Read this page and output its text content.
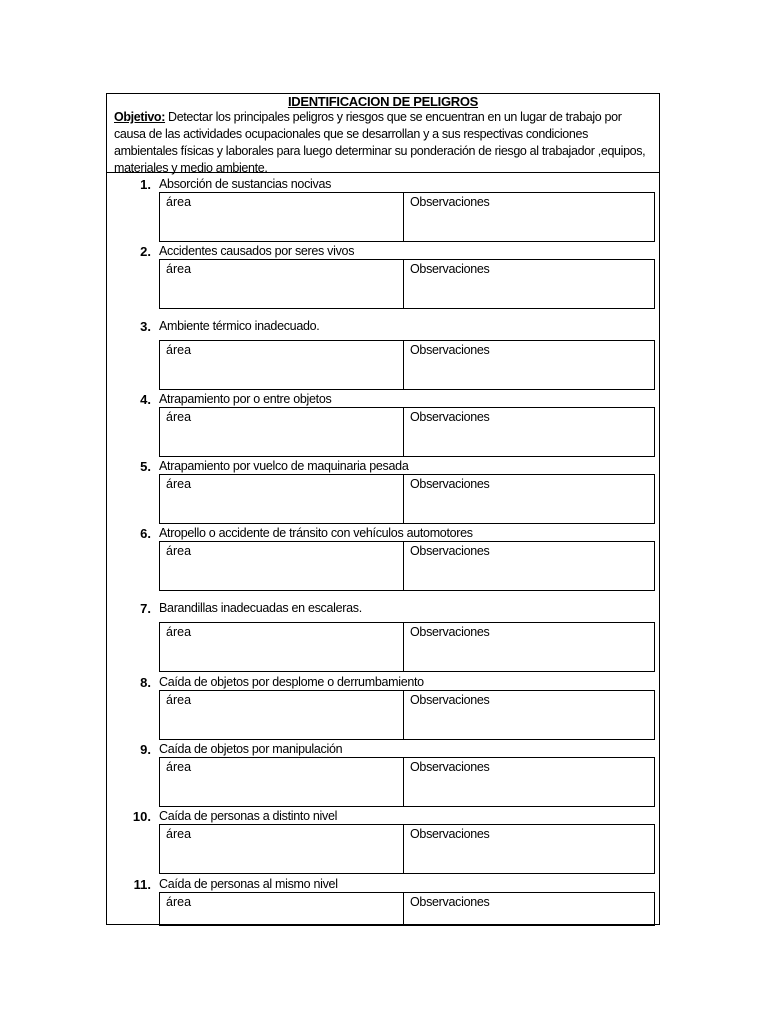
IDENTIFICACION DE PELIGROS
Objetivo: Detectar los principales peligros y riesgos que se encuentran en un lugar de trabajo por causa de las actividades ocupacionales que se desarrollan y a sus respectivas condiciones ambientales físicas y laborales para luego determinar su ponderación de riesgo al trabajador ,equipos, materiales y medio ambiente.
1. Absorción de sustancias nocivas
área	Observaciones
2. Accidentes causados por seres vivos
área	Observaciones
3. Ambiente térmico inadecuado.
área	Observaciones
4. Atrapamiento por o entre objetos
área	Observaciones
5. Atrapamiento por vuelco de maquinaria pesada
área	Observaciones
6. Atropello o accidente de tránsito con vehículos automotores
área	Observaciones
7. Barandillas inadecuadas en escaleras.
área	Observaciones
8. Caída de objetos por desplome o derrumbamiento
área	Observaciones
9. Caída de objetos por manipulación
área	Observaciones
10. Caída de personas a distinto nivel
área	Observaciones
11. Caída de personas al mismo nivel
área	Observaciones
